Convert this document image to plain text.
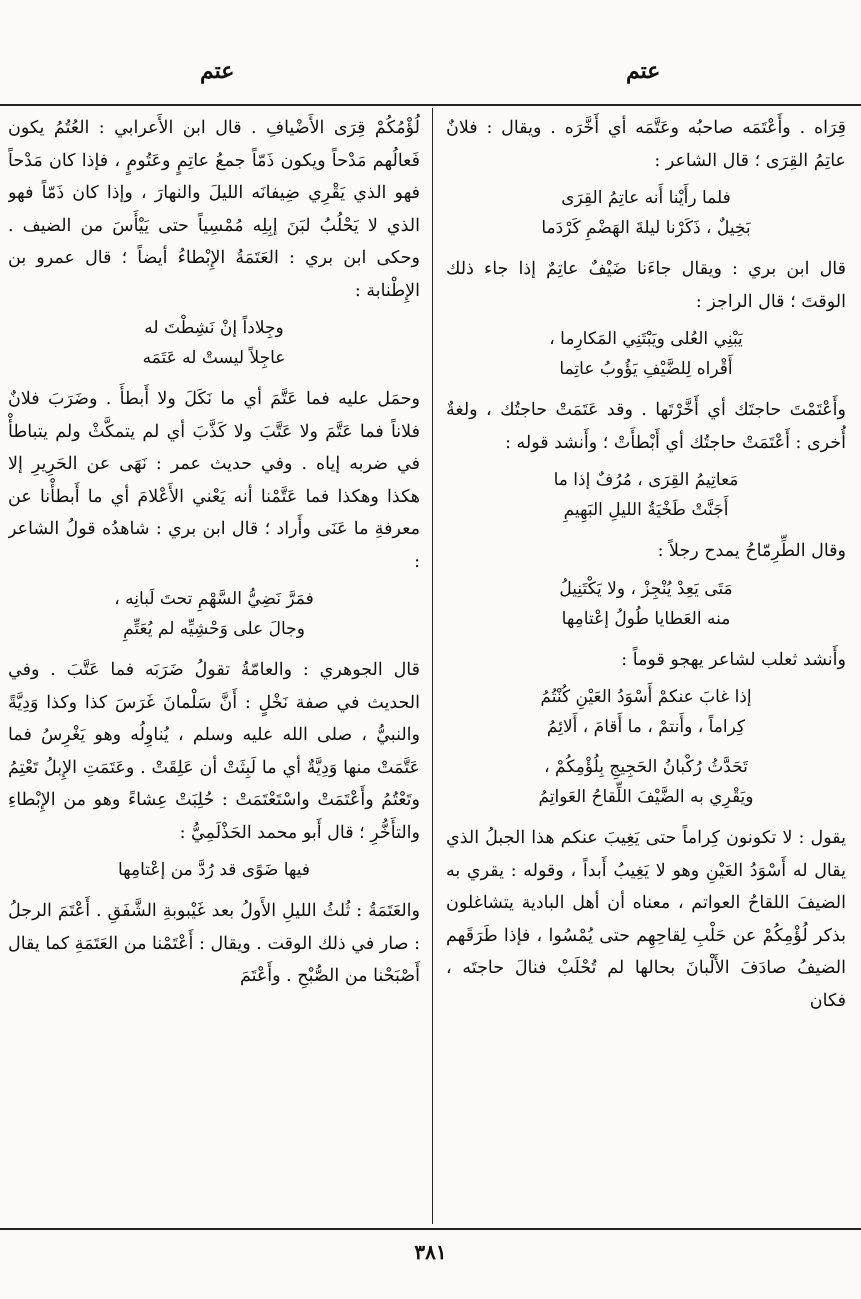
عتم	عتم

قِرَاه . وأَعْتَمَه صاحبُه وعَتَّمَه أي أَخَّرَه . ويقال : فلانٌ عاتِمُ القِرَى ؛ قال الشاعر :

فلما رأَيْنا أَنه عاتِمُ القِرَى
بَخِيلٌ ، ذَكَرْنا ليلةَ الهَضْمِ كَرْدَما

قال ابن بري : ويقال جاءَنا ضَيْفٌ عاتِمٌ إذا جاء ذلك الوقتَ ؛ قال الراجز :

يَبْنِي العُلى ويَبْتَنِي المَكارِما ،
أَقْراه لِلضَّيْفِ يَؤُوبُ عاتِما

وأَعْتَمْتَ حاجتَك أي أَخَّرْتَها . وقد عَتَمَتْ حاجتُك ، ولغةٌ أُخرى : أَعْتَمَتْ حاجتُك أي أَبْطأَتْ ؛ وأَنشد قوله :

مَعاتِيمُ القِرَى ، مُرُفٌ إذا ما
أَجَنَّتْ طَخْيَةُ الليلِ البَهِيمِ

وقال الطِّرِمّاحُ يمدح رجلاً :

مَتَى يَعِدْ يُنْجِزْ ، ولا يَكْتَنِيلُ
منه العَطايا طُولُ إعْتامِها

وأَنشد ثعلب لشاعر يهجو قوماً :

إذا غابَ عنكمْ أَسْوَدُ العَيْنِ كُنْتُمُ
كِراماً ، وأَنتمْ ، ما أَقامَ ، أَلائِمُ
تَحَدَّثُ رُكْبانُ الحَجِيجِ بِلُؤْمِكُمْ ،
ويَقْرِي به الضَّيْفَ اللِّقاحُ العَواتِمُ

يقول : لا تكونون كِراماً حتى يَغِيبَ عنكم هذا الجبلُ الذي يقال له أَسْوَدُ العَيْنِ وهو لا يَغِيبُ أَبداً ، وقوله : يقري به الضيفَ اللقاحُ العواتم ، معناه أن أهل البادية يتشاغلون بذكر لُؤْمِكُمْ عن حَلْبِ لِقاحِهِم حتى يُمْسُوا ، فإذا طَرَقَهم الضيفُ صادَفَ الأَلْبانَ بحالها لم تُحْلَبْ فنالَ حاجتَه ، فكان

لُؤْمُكُمْ قِرَى الأَضْيافِ . قال ابن الأَعرابي : العُتُمُ يكون فَعالُهم مَدْحاً ويكون ذَمّاً جمعُ عاتِمٍ وعَتُومٍ ، فإذا كان مَدْحاً فهو الذي يَقْرِي ضِيفانَه الليلَ والنهارَ ، وإذا كان ذَمّاً فهو الذي لا يَحْلُبُ لبَنَ إبِلِه مُمْسِياً حتى يَيْأَسَ من الضيف . وحكى ابن بري : العَتَمَةُ الإِبْطاءُ أيضاً ؛ قال عمرو بن الإِطْنابة :

وجِلاداً إنْ نَشِطْتَ له
عاجِلاً ليستْ له عَتَمَه

وحمَل عليه فما عَتَّمَ أي ما نَكَلَ ولا أَبطأَ . وضَرَبَ فلانٌ فلاناً فما عَتَّمَ ولا عَتَّبَ ولا كَذَّبَ أي لم يتمكَّثْ ولم يتباطأْ في ضربه إياه . وفي حديث عمر : نَهَى عن الحَرِيرِ إلا هكذا وهكذا فما عَتَّمْنا أنه يَعْني الأَعْلامَ أي ما أَبطأْنا عن معرفةِ ما عَنَى وأَراد ؛ قال ابن بري : شاهدُه قولُ الشاعر :

فمَرَّ نَضِيُّ السَّهْمِ تحتَ لَبانِه ،
وجالَ على وَحْشِيِّه لم يُعَتِّمِ

قال الجوهري : والعامّةُ تقولُ ضَرَبَه فما عَتَّبَ . وفي الحديث في صفة نَخْلٍ : أَنَّ سَلْمانَ غَرَسَ كذا وكذا وَدِيَّةً والنبيُّ ، صلى الله عليه وسلم ، يُناوِلُه وهو يَغْرِسُ فما عَتَّمَتْ منها وَدِيَّةٌ أي ما لَبِثَتْ أن عَلِقَتْ . وعَتَمَتِ الإِبلُ تَعْتِمُ وتَعْتُمُ وأَعْتَمَتْ واسْتَعْتَمَتْ : حُلِبَتْ عِشاءً وهو من الإِبْطاءِ والتأَخُّرِ ؛ قال أَبو محمد الحَذْلَمِيُّ :

فيها ضَوًى قد رُدَّ من إعْتامِها

والعَتَمَةُ : ثُلثُ الليلِ الأَولُ بعد غَيْبوبةِ الشَّفَقِ . أَعْتَمَ الرجلُ : صار في ذلك الوقت . ويقال : أَعْتَمْنا من العَتَمَةِ كما يقال أَصْبَحْنا من الصُّبْحِ . وأَعْتَمَ

٣٨١
